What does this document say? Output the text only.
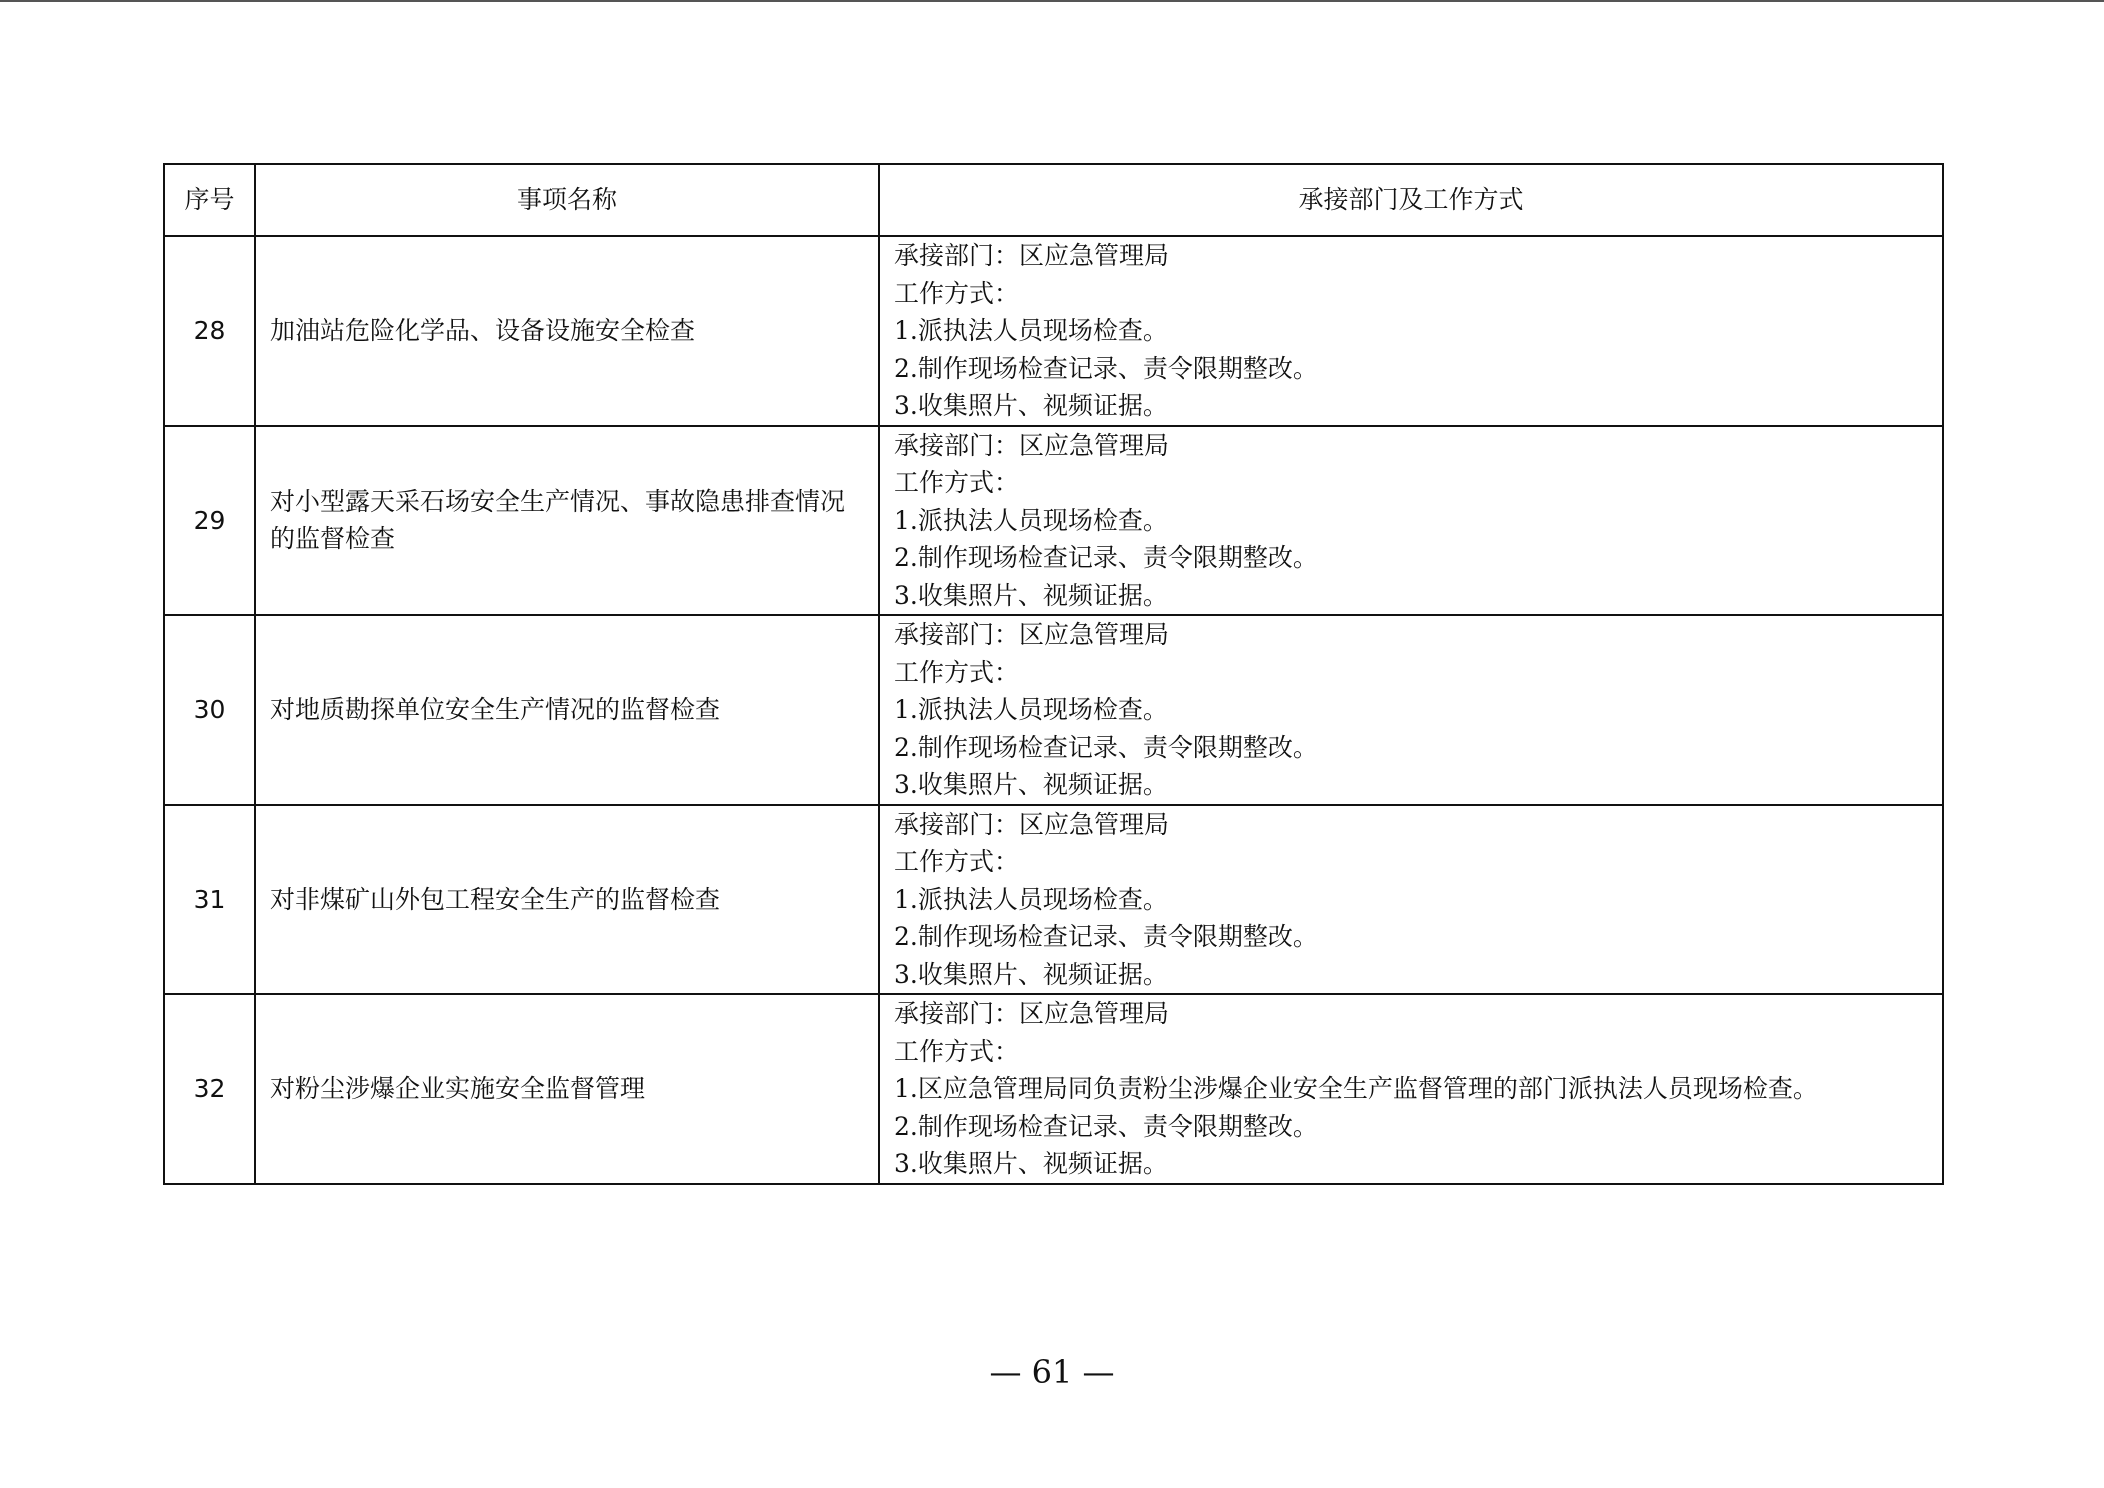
序号	事项名称	承接部门及工作方式
28	加油站危险化学品、设备设施安全检查	承接部门：区应急管理局
工作方式：
1.派执法人员现场检查。
2.制作现场检查记录、责令限期整改。
3.收集照片、视频证据。

29	对小型露天采石场安全生产情况、事故隐患排查情况的监督检查	承接部门：区应急管理局
工作方式：
1.派执法人员现场检查。
2.制作现场检查记录、责令限期整改。
3.收集照片、视频证据。

30	对地质勘探单位安全生产情况的监督检查	承接部门：区应急管理局
工作方式：
1.派执法人员现场检查。
2.制作现场检查记录、责令限期整改。
3.收集照片、视频证据。

31	对非煤矿山外包工程安全生产的监督检查	承接部门：区应急管理局
工作方式：
1.派执法人员现场检查。
2.制作现场检查记录、责令限期整改。
3.收集照片、视频证据。

32	对粉尘涉爆企业实施安全监督管理	承接部门：区应急管理局
工作方式：
1.区应急管理局同负责粉尘涉爆企业安全生产监督管理的部门派执法人员现场检查。
2.制作现场检查记录、责令限期整改。
3.收集照片、视频证据。
— 61 —
